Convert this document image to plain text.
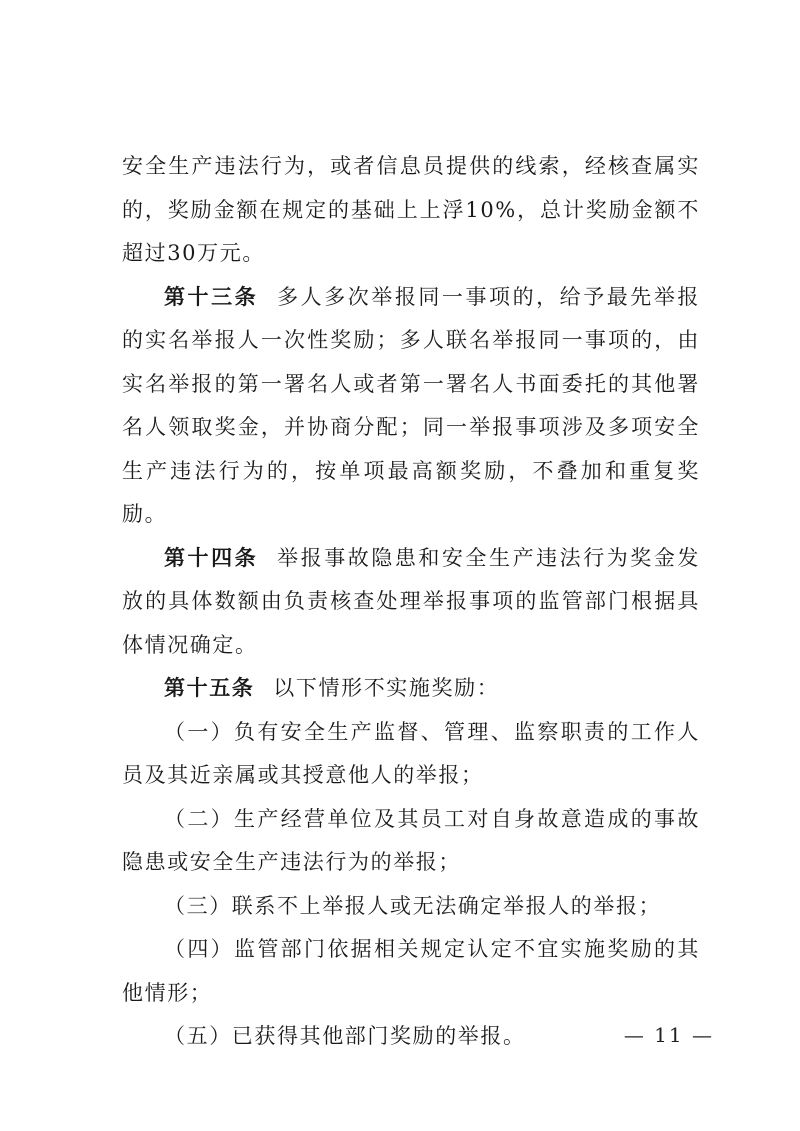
安全生产违法行为，或者信息员提供的线索，经核查属实的，奖励金额在规定的基础上上浮10%，总计奖励金额不超过30万元。

第十三条 多人多次举报同一事项的，给予最先举报的实名举报人一次性奖励；多人联名举报同一事项的，由实名举报的第一署名人或者第一署名人书面委托的其他署名人领取奖金，并协商分配；同一举报事项涉及多项安全生产违法行为的，按单项最高额奖励，不叠加和重复奖励。

第十四条 举报事故隐患和安全生产违法行为奖金发放的具体数额由负责核查处理举报事项的监管部门根据具体情况确定。

第十五条 以下情形不实施奖励：

（一）负有安全生产监督、管理、监察职责的工作人员及其近亲属或其授意他人的举报；

（二）生产经营单位及其员工对自身故意造成的事故隐患或安全生产违法行为的举报；

（三）联系不上举报人或无法确定举报人的举报；

（四）监管部门依据相关规定认定不宜实施奖励的其他情形；

（五）已获得其他部门奖励的举报。	— 11 —
